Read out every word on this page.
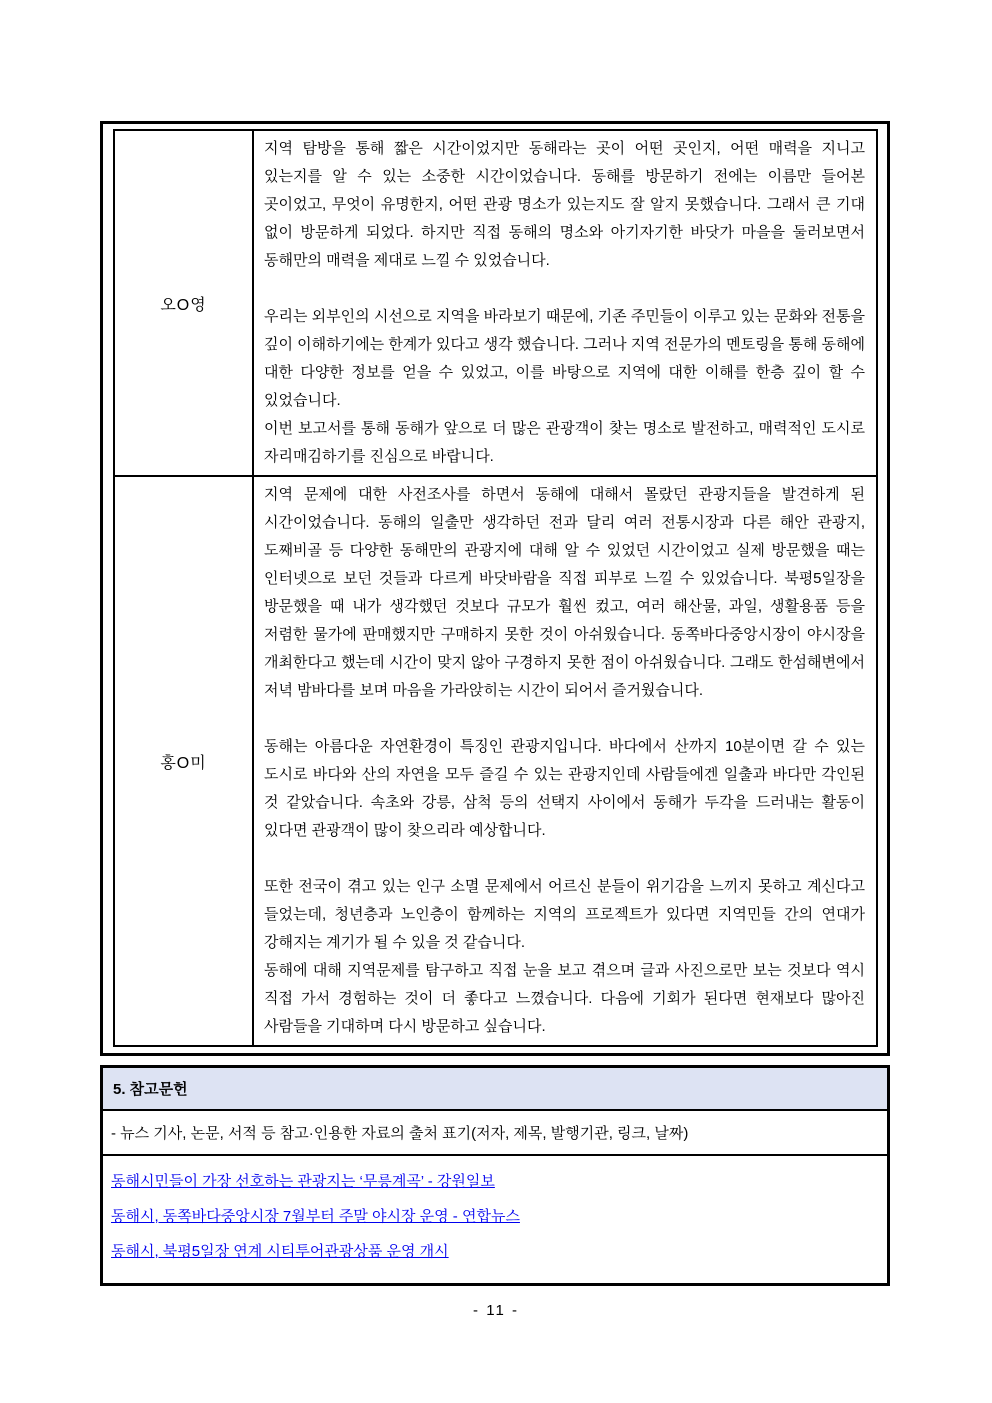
오O영	지역 탐방을 통해 짧은 시간이었지만 동해라는 곳이 어떤 곳인지, 어떤 매력을 지니고 있는지를 알 수 있는 소중한 시간이었습니다. 동해를 방문하기 전에는 이름만 들어본 곳이었고, 무엇이 유명한지, 어떤 관광 명소가 있는지도 잘 알지 못했습니다. 그래서 큰 기대 없이 방문하게 되었다. 하지만 직접 동해의 명소와 아기자기한 바닷가 마을을 둘러보면서 동해만의 매력을 제대로 느낄 수 있었습니다.

우리는 외부인의 시선으로 지역을 바라보기 때문에, 기존 주민들이 이루고 있는 문화와 전통을 깊이 이해하기에는 한계가 있다고 생각 했습니다. 그러나 지역 전문가의 멘토링을 통해 동해에 대한 다양한 정보를 얻을 수 있었고, 이를 바탕으로 지역에 대한 이해를 한층 깊이 할 수 있었습니다.

이번 보고서를 통해 동해가 앞으로 더 많은 관광객이 찾는 명소로 발전하고, 매력적인 도시로 자리매김하기를 진심으로 바랍니다.

홍O미	지역 문제에 대한 사전조사를 하면서 동해에 대해서 몰랐던 관광지들을 발견하게 된 시간이었습니다. 동해의 일출만 생각하던 전과 달리 여러 전통시장과 다른 해안 관광지, 도째비골 등 다양한 동해만의 관광지에 대해 알 수 있었던 시간이었고 실제 방문했을 때는 인터넷으로 보던 것들과 다르게 바닷바람을 직접 피부로 느낄 수 있었습니다. 북평5일장을 방문했을 때 내가 생각했던 것보다 규모가 훨씬 컸고, 여러 해산물, 과일, 생활용품 등을 저렴한 물가에 판매했지만 구매하지 못한 것이 아쉬웠습니다. 동쪽바다중앙시장이 야시장을 개최한다고 했는데 시간이 맞지 않아 구경하지 못한 점이 아쉬웠습니다. 그래도 한섬해변에서 저녁 밤바다를 보며 마음을 가라앉히는 시간이 되어서 즐거웠습니다.

동해는 아름다운 자연환경이 특징인 관광지입니다. 바다에서 산까지 10분이면 갈 수 있는 도시로 바다와 산의 자연을 모두 즐길 수 있는 관광지인데 사람들에겐 일출과 바다만 각인된 것 같았습니다. 속초와 강릉, 삼척 등의 선택지 사이에서 동해가 두각을 드러내는 활동이 있다면 관광객이 많이 찾으리라 예상합니다.

또한 전국이 겪고 있는 인구 소멸 문제에서 어르신 분들이 위기감을 느끼지 못하고 계신다고 들었는데, 청년층과 노인층이 함께하는 지역의 프로젝트가 있다면 지역민들 간의 연대가 강해지는 계기가 될 수 있을 것 같습니다.

동해에 대해 지역문제를 탐구하고 직접 눈을 보고 겪으며 글과 사진으로만 보는 것보다 역시 직접 가서 경험하는 것이 더 좋다고 느꼈습니다. 다음에 기회가 된다면 현재보다 많아진 사람들을 기대하며 다시 방문하고 싶습니다.

5. 참고문헌
- 뉴스 기사, 논문, 서적 등 참고·인용한 자료의 출처 표기(저자, 제목, 발행기관, 링크, 날짜)

동해시민들이 가장 선호하는 관광지는 ‘무릉계곡’ - 강원일보
동해시, 동쪽바다중앙시장 7월부터 주말 야시장 운영 - 연합뉴스
동해시, 북평5일장 연계 시티투어관광상품 운영 개시
- 11 -
